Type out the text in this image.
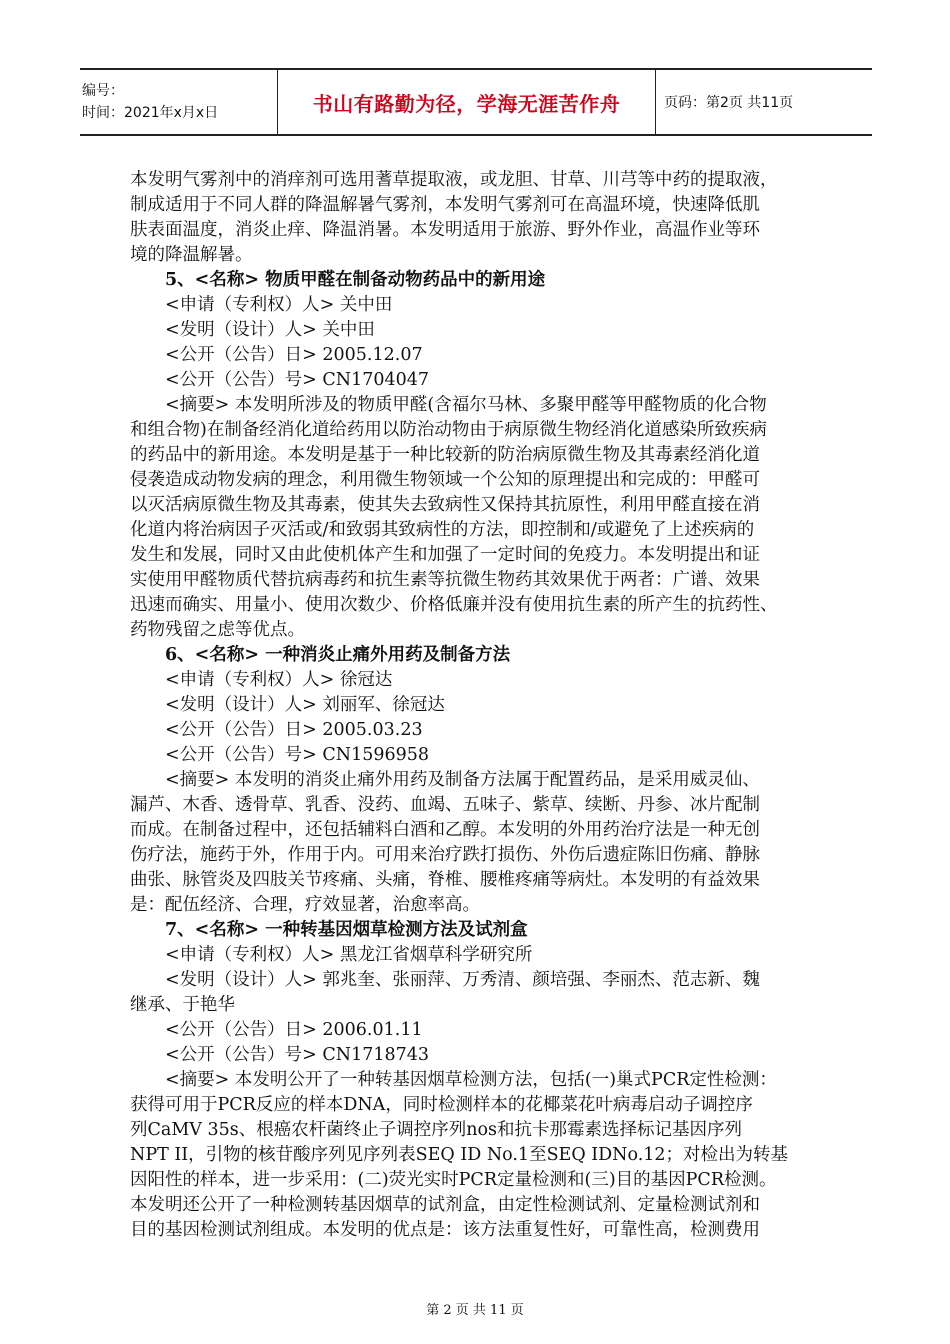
编号：
时间：2021年x月x日	书山有路勤为径，学海无涯苦作舟	页码：第2页 共11页
本发明气雾剂中的消痒剂可选用蓍草提取液，或龙胆、甘草、川芎等中药的提取液，
制成适用于不同人群的降温解暑气雾剂，本发明气雾剂可在高温环境，快速降低肌
肤表面温度，消炎止痒、降温消暑。本发明适用于旅游、野外作业，高温作业等环
境的降温解暑。
5、<名称> 物质甲醛在制备动物药品中的新用途
<申请（专利权）人> 关中田
<发明（设计）人> 关中田
<公开（公告）日> 2005.12.07
<公开（公告）号> CN1704047
<摘要> 本发明所涉及的物质甲醛(含福尔马林、多聚甲醛等甲醛物质的化合物
和组合物)在制备经消化道给药用以防治动物由于病原微生物经消化道感染所致疾病
的药品中的新用途。本发明是基于一种比较新的防治病原微生物及其毒素经消化道
侵袭造成动物发病的理念，利用微生物领域一个公知的原理提出和完成的：甲醛可
以灭活病原微生物及其毒素，使其失去致病性又保持其抗原性，利用甲醛直接在消
化道内将治病因子灭活或/和致弱其致病性的方法，即控制和/或避免了上述疾病的
发生和发展，同时又由此使机体产生和加强了一定时间的免疫力。本发明提出和证
实使用甲醛物质代替抗病毒药和抗生素等抗微生物药其效果优于两者：广谱、效果
迅速而确实、用量小、使用次数少、价格低廉并没有使用抗生素的所产生的抗药性、
药物残留之虑等优点。
6、<名称> 一种消炎止痛外用药及制备方法
<申请（专利权）人> 徐冠达
<发明（设计）人> 刘丽军、徐冠达
<公开（公告）日> 2005.03.23
<公开（公告）号> CN1596958
<摘要> 本发明的消炎止痛外用药及制备方法属于配置药品，是采用威灵仙、
漏芦、木香、透骨草、乳香、没药、血竭、五味子、紫草、续断、丹参、冰片配制
而成。在制备过程中，还包括辅料白酒和乙醇。本发明的外用药治疗法是一种无创
伤疗法，施药于外，作用于内。可用来治疗跌打损伤、外伤后遗症陈旧伤痛、静脉
曲张、脉管炎及四肢关节疼痛、头痛，脊椎、腰椎疼痛等病灶。本发明的有益效果
是：配伍经济、合理，疗效显著，治愈率高。
7、<名称> 一种转基因烟草检测方法及试剂盒
<申请（专利权）人> 黑龙江省烟草科学研究所
<发明（设计）人> 郭兆奎、张丽萍、万秀清、颜培强、李丽杰、范志新、魏
继承、于艳华
<公开（公告）日> 2006.01.11
<公开（公告）号> CN1718743
<摘要> 本发明公开了一种转基因烟草检测方法，包括(一)巢式PCR定性检测：
获得可用于PCR反应的样本DNA，同时检测样本的花椰菜花叶病毒启动子调控序
列CaMV 35s、根癌农杆菌终止子调控序列nos和抗卡那霉素选择标记基因序列
NPT II，引物的核苷酸序列见序列表SEQ ID No.1至SEQ IDNo.12；对检出为转基
因阳性的样本，进一步采用：(二)荧光实时PCR定量检测和(三)目的基因PCR检测。
本发明还公开了一种检测转基因烟草的试剂盒，由定性检测试剂、定量检测试剂和
目的基因检测试剂组成。本发明的优点是：该方法重复性好，可靠性高，检测费用
第 2 页 共 11 页
